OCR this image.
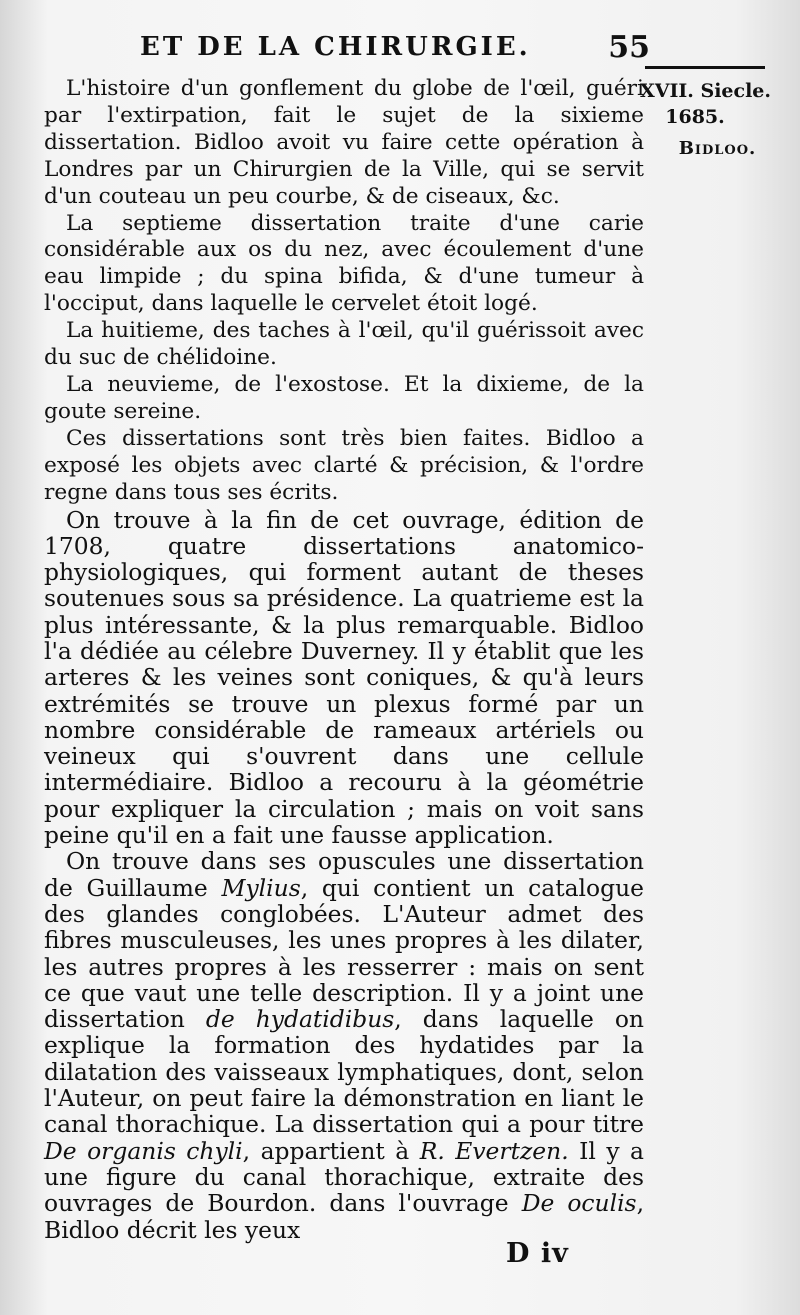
ET DE LA CHIRURGIE.	55
XVII. Siecle.
1685.
Bidloo.

L'histoire d'un gonflement du globe de l'œil, guéri par l'extirpation, fait le sujet de la sixieme dissertation. Bidloo avoit vu faire cette opération à Londres par un Chirurgien de la Ville, qui se servit d'un couteau un peu courbe, & de ciseaux, &c.

La septieme dissertation traite d'une carie considérable aux os du nez, avec écoulement d'une eau limpide ; du spina bifida, & d'une tumeur à l'occiput, dans laquelle le cervelet étoit logé.

La huitieme, des taches à l'œil, qu'il guérissoit avec du suc de chélidoine.

La neuvieme, de l'exostose. Et la dixieme, de la goute sereine.

Ces dissertations sont très bien faites. Bidloo a exposé les objets avec clarté & précision, & l'ordre regne dans tous ses écrits.

On trouve à la fin de cet ouvrage, édition de 1708, quatre dissertations anatomico-physiologiques, qui forment autant de theses soutenues sous sa présidence. La quatrieme est la plus intéressante, & la plus remarquable. Bidloo l'a dédiée au célebre Duverney. Il y établit que les arteres & les veines sont coniques, & qu'à leurs extrémités se trouve un plexus formé par un nombre considérable de rameaux artériels ou veineux qui s'ouvrent dans une cellule intermédiaire. Bidloo a recouru à la géométrie pour expliquer la circulation ; mais on voit sans peine qu'il en a fait une fausse application.

On trouve dans ses opuscules une dissertation de Guillaume Mylius, qui contient un catalogue des glandes conglobées. L'Auteur admet des fibres musculeuses, les unes propres à les dilater, les autres propres à les resserrer : mais on sent ce que vaut une telle description. Il y a joint une dissertation de hydatidibus, dans laquelle on explique la formation des hydatides par la dilatation des vaisseaux lymphatiques, dont, selon l'Auteur, on peut faire la démonstration en liant le canal thorachique. La dissertation qui a pour titre De organis chyli, appartient à R. Evertzen. Il y a une figure du canal thorachique, extraite des ouvrages de Bourdon. dans l'ouvrage De oculis, Bidloo décrit les yeux

D iv
